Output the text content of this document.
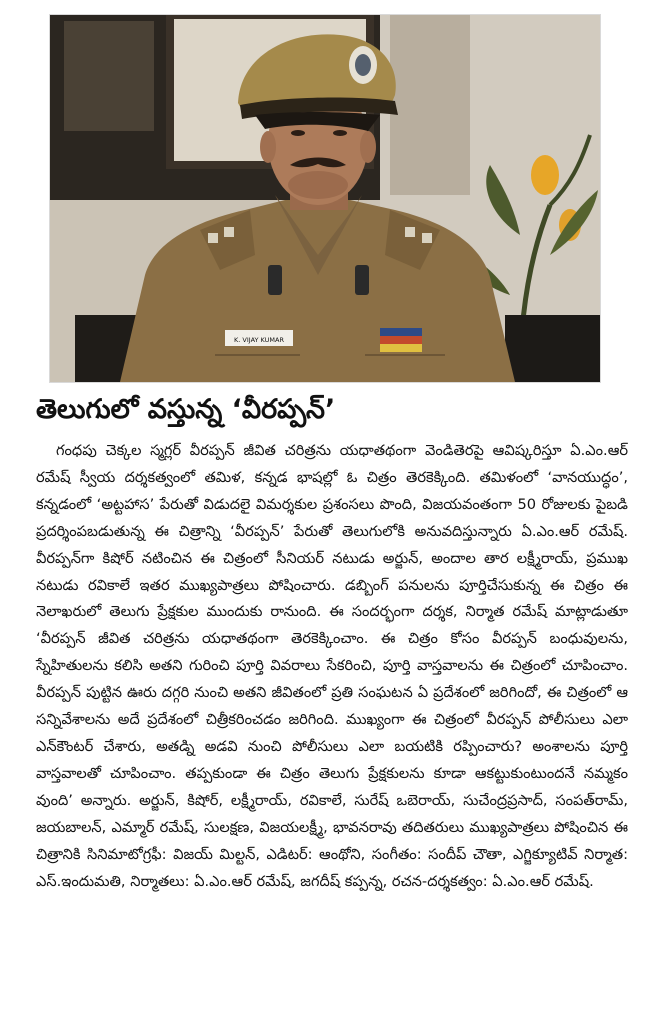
K. VIJAY KUMAR
తెలుగులో వస్తున్న ‘వీరప్పన్’

గంధపు చెక్కల స్మగ్లర్ వీరప్పన్ జీవిత చరిత్రను యధాతథంగా వెండితెరపై ఆవిష్కరిస్తూ ఏ.ఎం.ఆర్ రమేష్ స్వీయ దర్శకత్వంలో తమిళ, కన్నడ భాషల్లో ఓ చిత్రం తెరకెక్కింది. తమిళంలో ‘వానయుద్ధం’, కన్నడంలో ‘అట్టహాస’ పేరుతో విడుదలై విమర్శకుల ప్రశంసలు పొంది, విజయవంతంగా 50 రోజులకు పైబడి ప్రదర్శింపబడుతున్న ఈ చిత్రాన్ని ‘వీరప్పన్’ పేరుతో తెలుగులోకి అనువదిస్తున్నారు ఏ.ఎం.ఆర్ రమేష్. వీరప్పన్‌గా కిషోర్ నటించిన ఈ చిత్రంలో సీనియర్ నటుడు అర్జున్, అందాల తార లక్ష్మీరాయ్, ప్రముఖ నటుడు రవికాలే ఇతర ముఖ్యపాత్రలు పోషించారు. డబ్బింగ్ పనులను పూర్తిచేసుకున్న ఈ చిత్రం ఈ నెలాఖరులో తెలుగు ప్రేక్షకుల ముందుకు రానుంది. ఈ సందర్భంగా దర్శక, నిర్మాత రమేష్ మాట్లాడుతూ ‘వీరప్పన్ జీవిత చరిత్రను యధాతథంగా తెరకెక్కించాం. ఈ చిత్రం కోసం వీరప్పన్ బంధువులను, స్నేహితులను కలిసి అతని గురించి పూర్తి వివరాలు సేకరించి, పూర్తి వాస్తవాలను ఈ చిత్రంలో చూపించాం. వీరప్పన్ పుట్టిన ఊరు దగ్గరి నుంచి అతని జీవితంలో ప్రతి సంఘటన ఏ ప్రదేశంలో జరిగిందో, ఈ చిత్రంలో ఆ సన్నివేశాలను అదే ప్రదేశంలో చిత్రీకరించడం జరిగింది. ముఖ్యంగా ఈ చిత్రంలో వీరప్పన్ పోలీసులు ఎలా ఎన్‌కౌంటర్ చేశారు, అతడ్ని అడవి నుంచి పోలీసులు ఎలా బయటికి రప్పించారు? అంశాలను పూర్తి వాస్తవాలతో చూపించాం. తప్పకుండా ఈ చిత్రం తెలుగు ప్రేక్షకులను కూడా ఆకట్టుకుంటుందనే నమ్మకం వుంది’ అన్నారు. అర్జున్, కిషోర్, లక్ష్మీరాయ్, రవికాలే, సురేష్ ఒబెరాయ్, సుచేంద్రప్రసాద్, సంపత్‌రామ్, జయబాలన్, ఎమ్మార్ రమేష్, సులక్షణ, విజయలక్ష్మీ, భావనరావు తదితరులు ముఖ్యపాత్రలు పోషించిన ఈ చిత్రానికి సినిమాటోగ్రఫీ: విజయ్ మిల్టన్, ఎడిటర్: ఆంథోని, సంగీతం: సందీప్ చౌతా, ఎగ్జిక్యూటివ్ నిర్మాత: ఎస్.ఇందుమతి, నిర్మాతలు: ఏ.ఎం.ఆర్ రమేష్, జగదీష్ కప్పన్న, రచన-దర్శకత్వం: ఏ.ఎం.ఆర్ రమేష్.
